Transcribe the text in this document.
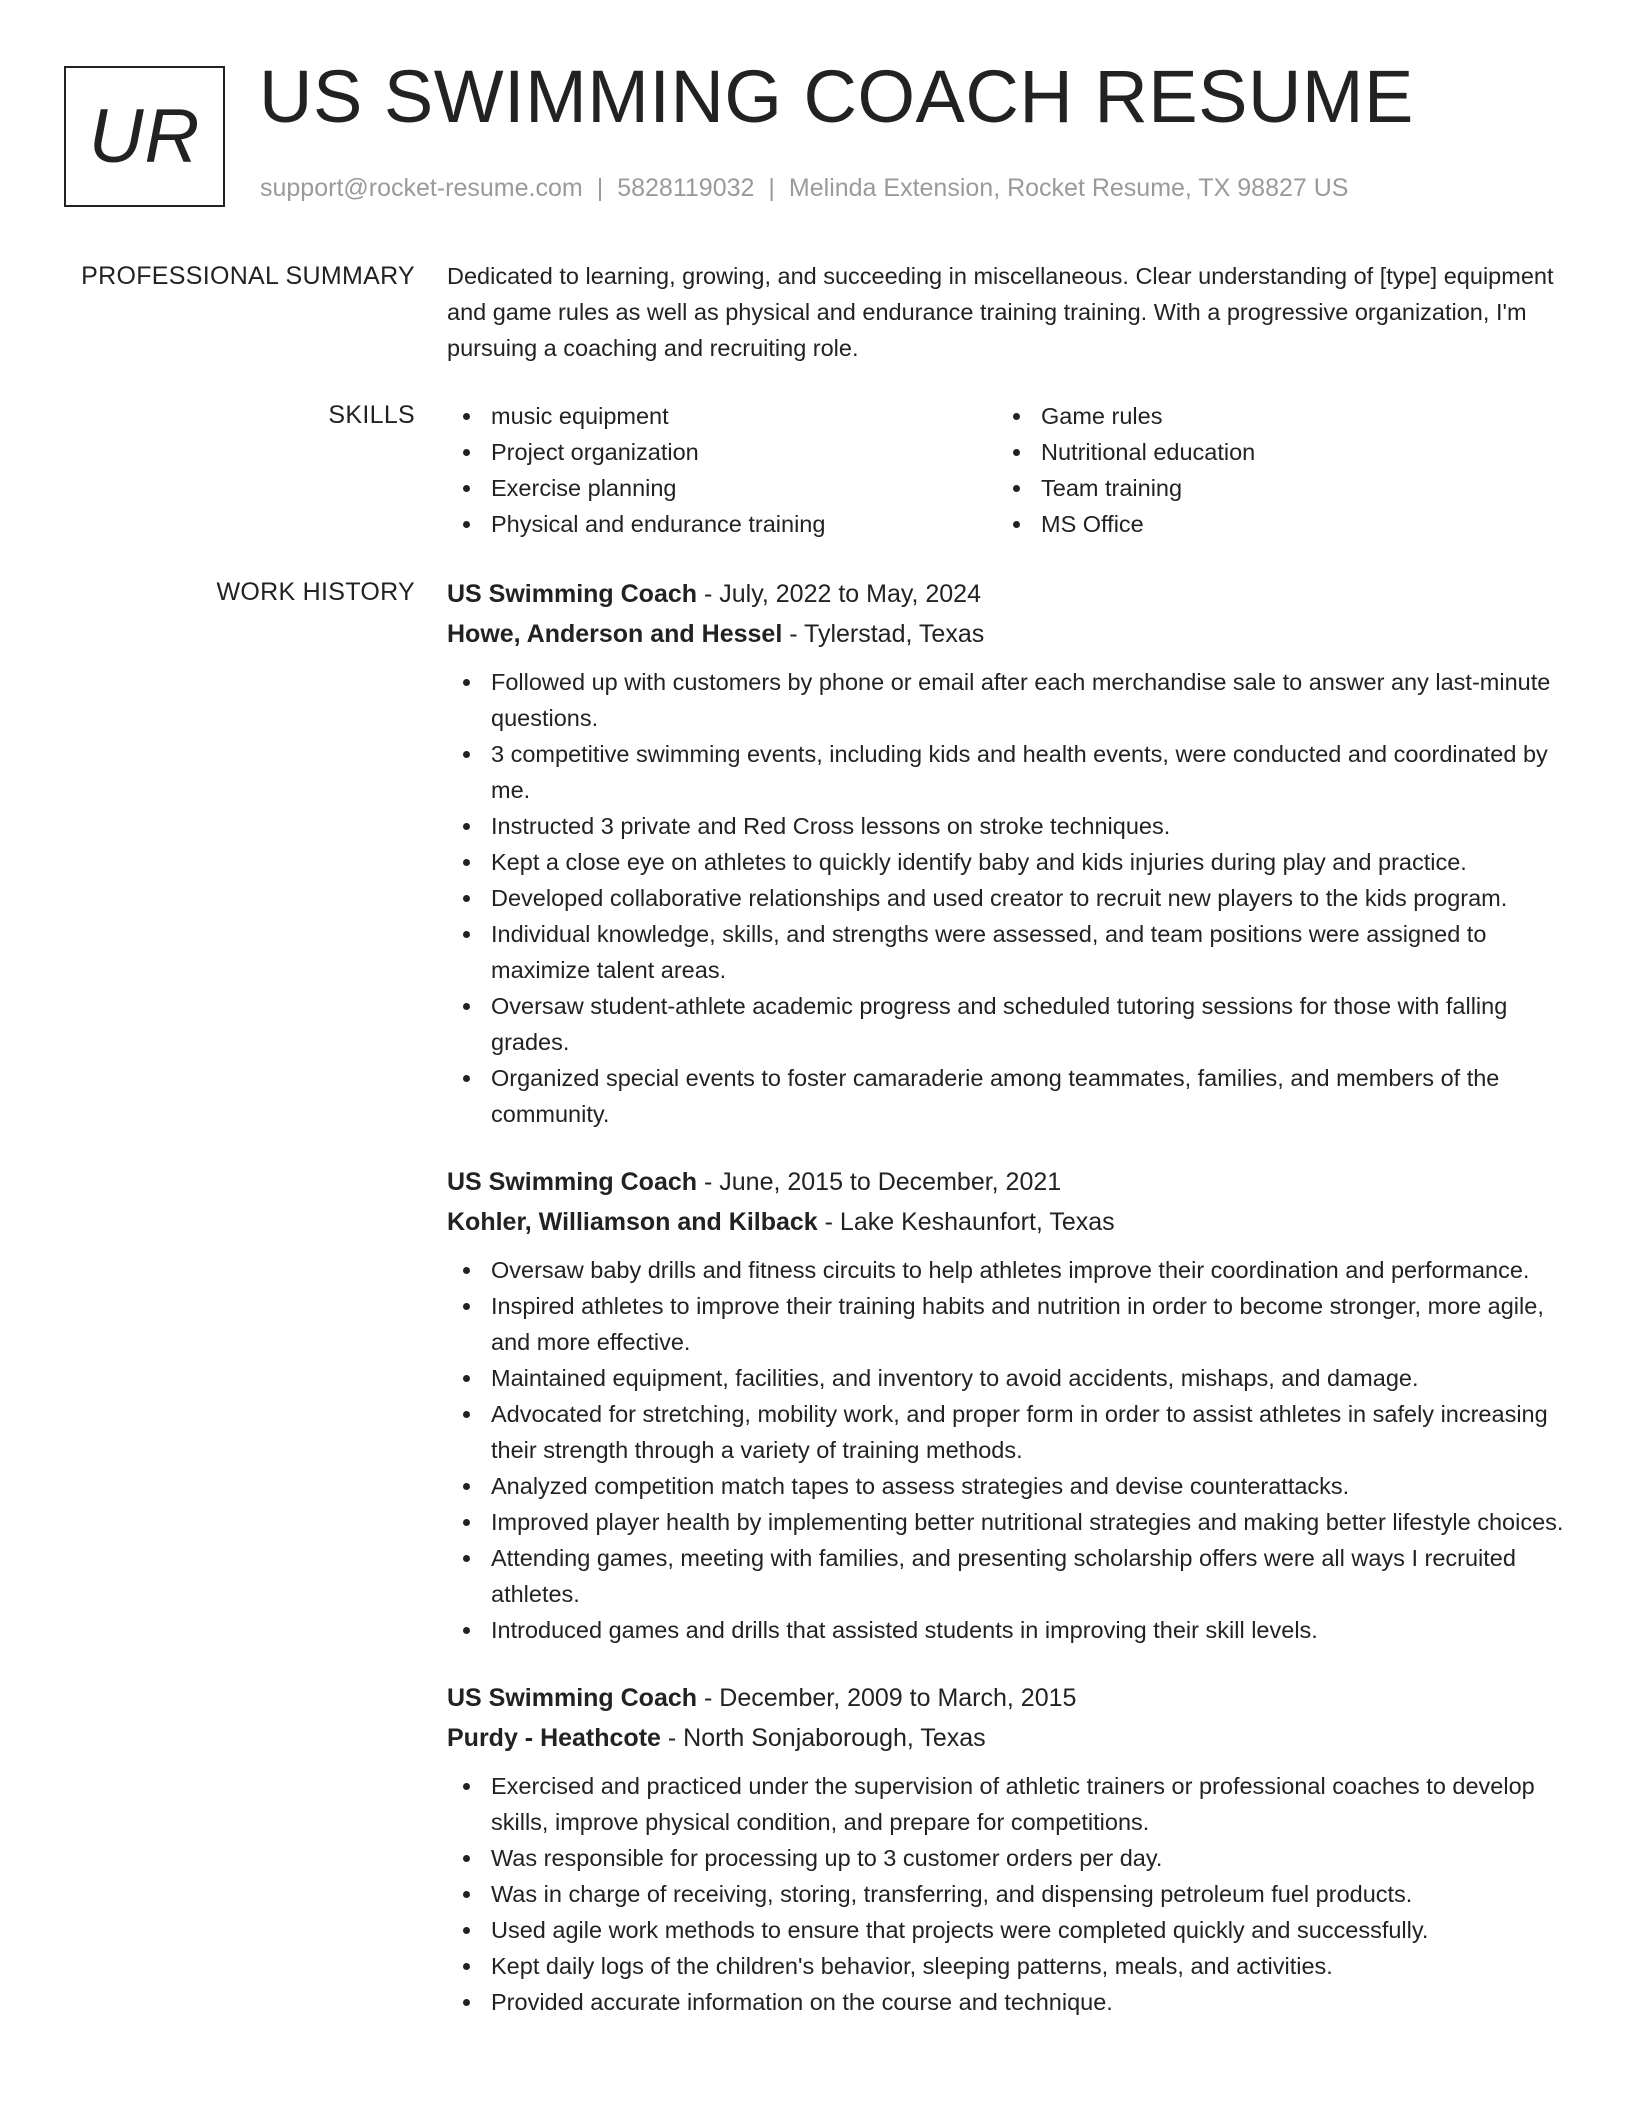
UR US SWIMMING COACH RESUME
support@rocket-resume.com | 5828119032 | Melinda Extension, Rocket Resume, TX 98827 US
PROFESSIONAL SUMMARY Dedicated to learning, growing, and succeeding in miscellaneous. Clear understanding of [type] equipment and game rules as well as physical and endurance training training. With a progressive organization, I'm pursuing a coaching and recruiting role.

SKILLS	music equipment
Project organization
Exercise planning
Physical and endurance training
Game rules
Nutritional education
Team training
MS Office
WORK HISTORY US Swimming Coach - July, 2022 to May, 2024
Howe, Anderson and Hessel - Tylerstad, Texas
Followed up with customers by phone or email after each merchandise sale to answer any last-minute questions.
3 competitive swimming events, including kids and health events, were conducted and coordinated by me.
Instructed 3 private and Red Cross lessons on stroke techniques.
Kept a close eye on athletes to quickly identify baby and kids injuries during play and practice.
Developed collaborative relationships and used creator to recruit new players to the kids program.
Individual knowledge, skills, and strengths were assessed, and team positions were assigned to maximize talent areas.
Oversaw student-athlete academic progress and scheduled tutoring sessions for those with falling grades.
Organized special events to foster camaraderie among teammates, families, and members of the community.
US Swimming Coach - June, 2015 to December, 2021
Kohler, Williamson and Kilback - Lake Keshaunfort, Texas
Oversaw baby drills and fitness circuits to help athletes improve their coordination and performance.
Inspired athletes to improve their training habits and nutrition in order to become stronger, more agile, and more effective.
Maintained equipment, facilities, and inventory to avoid accidents, mishaps, and damage.
Advocated for stretching, mobility work, and proper form in order to assist athletes in safely increasing their strength through a variety of training methods.
Analyzed competition match tapes to assess strategies and devise counterattacks.
Improved player health by implementing better nutritional strategies and making better lifestyle choices.
Attending games, meeting with families, and presenting scholarship offers were all ways I recruited athletes.
Introduced games and drills that assisted students in improving their skill levels.
US Swimming Coach - December, 2009 to March, 2015
Purdy - Heathcote - North Sonjaborough, Texas
Exercised and practiced under the supervision of athletic trainers or professional coaches to develop skills, improve physical condition, and prepare for competitions.
Was responsible for processing up to 3 customer orders per day.
Was in charge of receiving, storing, transferring, and dispensing petroleum fuel products.
Used agile work methods to ensure that projects were completed quickly and successfully.
Kept daily logs of the children's behavior, sleeping patterns, meals, and activities.
Provided accurate information on the course and technique.
